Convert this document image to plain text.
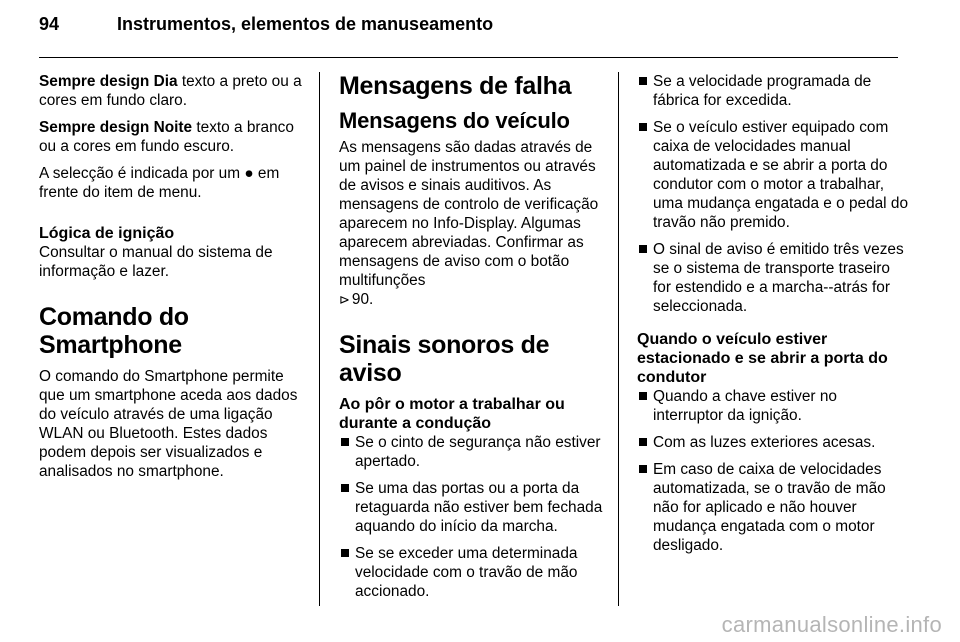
94	Instrumentos, elementos de manuseamento

Sempre design Dia texto a preto ou a cores em fundo claro.

Sempre design Noite texto a branco ou a cores em fundo escuro.

A selecção é indicada por um ● em frente do item de menu.

Lógica de ignição

Consultar o manual do sistema de informação e lazer.

Comando do Smartphone

O comando do Smartphone permite que um smartphone aceda aos dados do veículo através de uma ligação WLAN ou Bluetooth. Estes dados podem depois ser visualizados e analisados no smartphone.

Mensagens de falha
Mensagens do veículo

As mensagens são dadas através de um painel de instrumentos ou através de avisos e sinais auditivos. As mensagens de controlo de verificação aparecem no Info-Display. Algumas aparecem abreviadas. Confirmar as mensagens de aviso com o botão multifunções
⊳ 90.

Sinais sonoros de aviso
Ao pôr o motor a trabalhar ou durante a condução
Se o cinto de segurança não estiver apertado.
Se uma das portas ou a porta da retaguarda não estiver bem fechada aquando do início da marcha.
Se se exceder uma determinada velocidade com o travão de mão accionado.
Se a velocidade programada de fábrica for excedida.
Se o veículo estiver equipado com caixa de velocidades manual automatizada e se abrir a porta do condutor com o motor a trabalhar, uma mudança engatada e o pedal do travão não premido.
O sinal de aviso é emitido três vezes se o sistema de transporte traseiro for estendido e a marcha--atrás for seleccionada.
Quando o veículo estiver estacionado e se abrir a porta do condutor
Quando a chave estiver no interruptor da ignição.
Com as luzes exteriores acesas.
Em caso de caixa de velocidades automatizada, se o travão de mão não for aplicado e não houver mudança engatada com o motor desligado.
carmanualsonline.info
